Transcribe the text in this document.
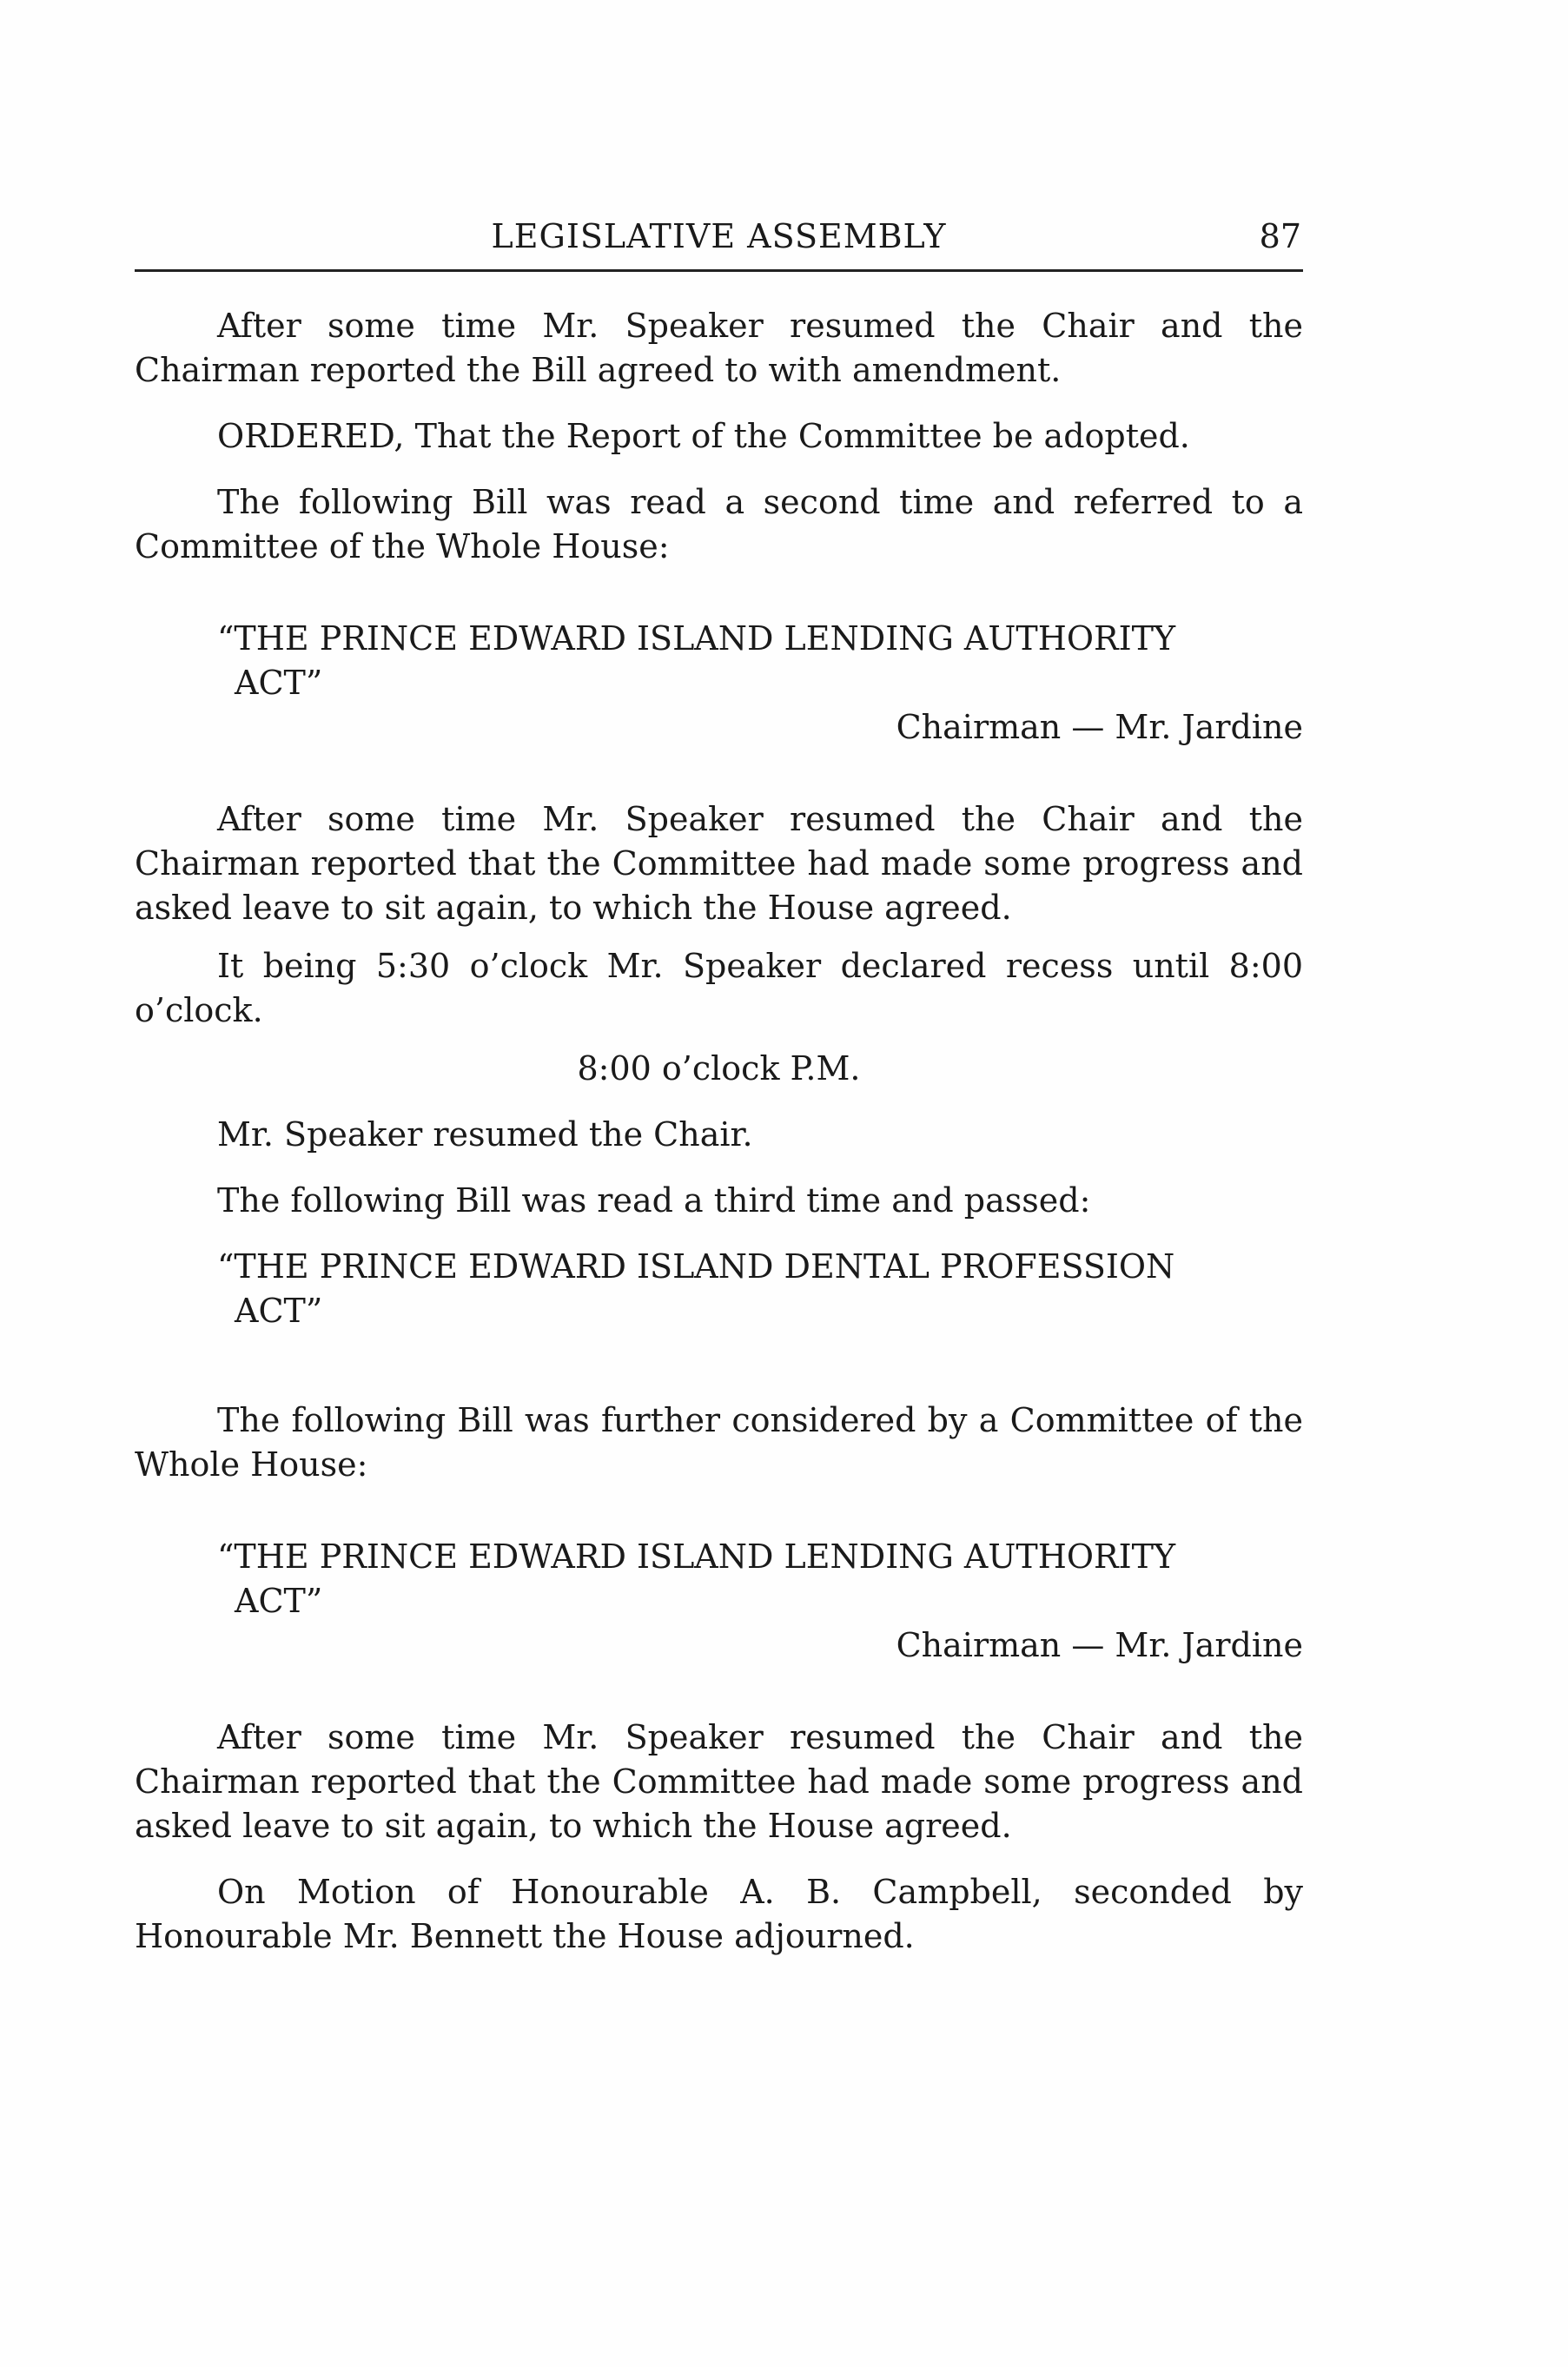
LEGISLATIVE ASSEMBLY	87

After some time Mr. Speaker resumed the Chair and the Chairman reported the Bill agreed to with amendment.

ORDERED, That the Report of the Committee be adopted.

The following Bill was read a second time and referred to a Committee of the Whole House:

“THE PRINCE EDWARD ISLAND LENDING AUTHORITY
ACT”

Chairman — Mr. Jardine

After some time Mr. Speaker resumed the Chair and the Chairman reported that the Committee had made some progress and asked leave to sit again, to which the House agreed.

It being 5:30 o’clock Mr. Speaker declared recess until 8:00 o’clock.

8:00 o’clock P.M.

Mr. Speaker resumed the Chair.

The following Bill was read a third time and passed:

“THE PRINCE EDWARD ISLAND DENTAL PROFESSION
ACT”

The following Bill was further considered by a Committee of the Whole House:

“THE PRINCE EDWARD ISLAND LENDING AUTHORITY
ACT”

Chairman — Mr. Jardine

After some time Mr. Speaker resumed the Chair and the Chairman reported that the Committee had made some progress and asked leave to sit again, to which the House agreed.

On Motion of Honourable A. B. Campbell, seconded by Honourable Mr. Bennett the House adjourned.
